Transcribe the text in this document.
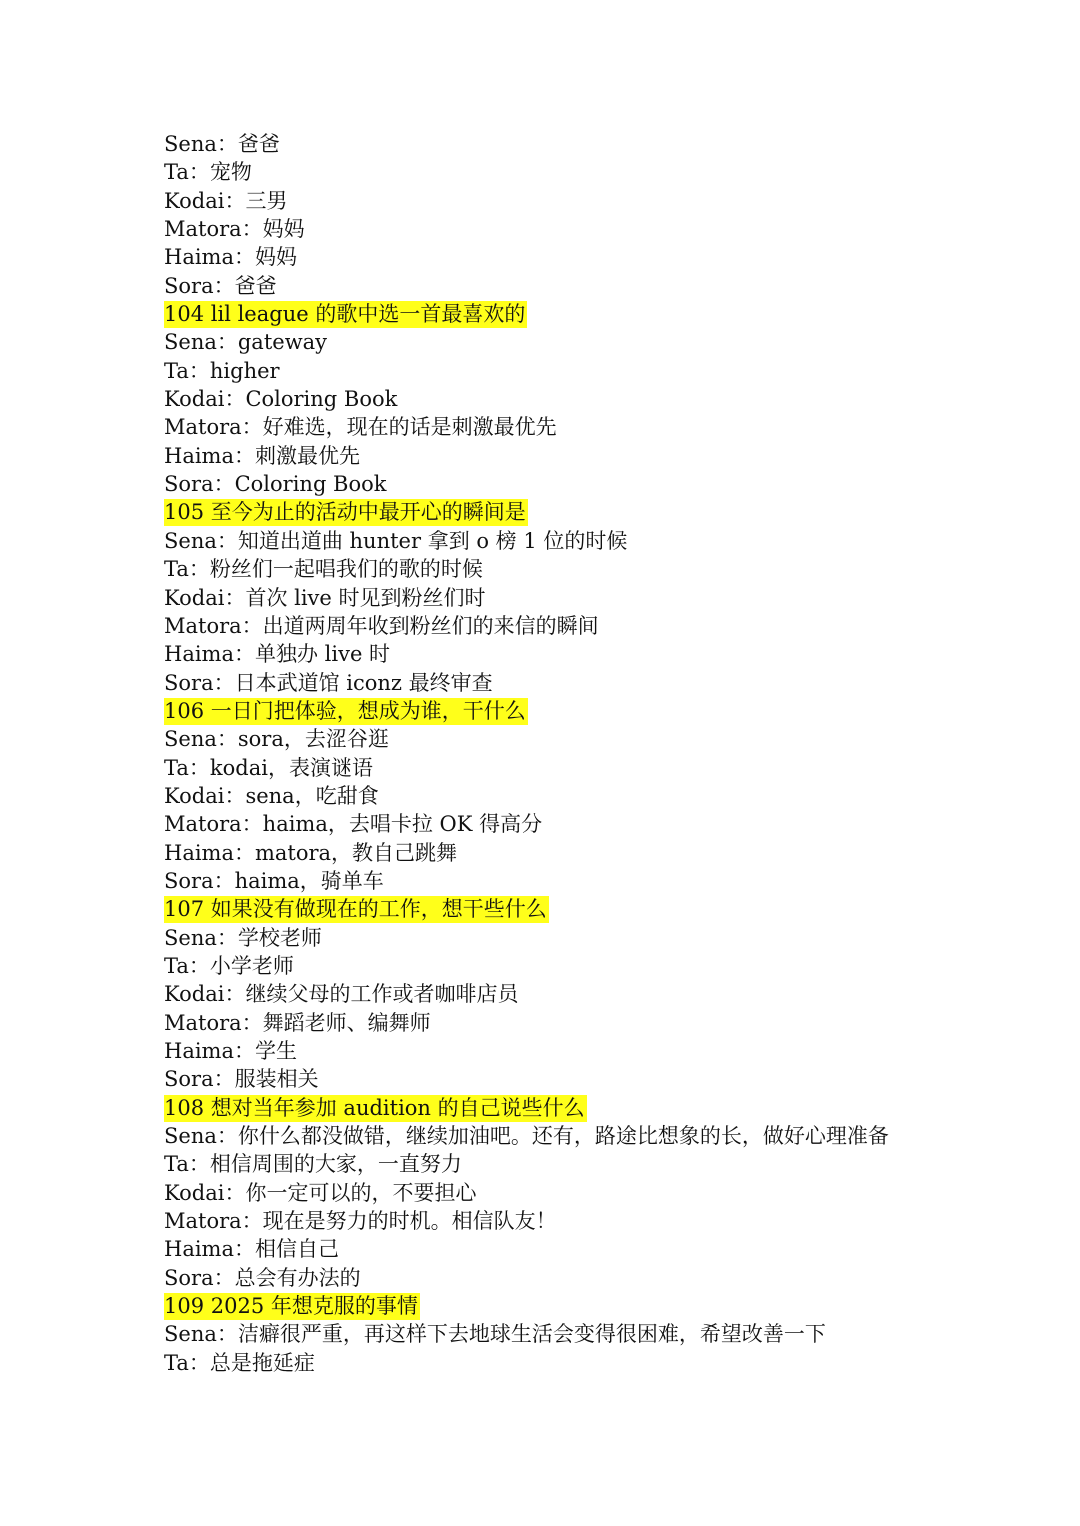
Sena：爸爸
Ta：宠物
Kodai：三男
Matora：妈妈
Haima：妈妈
Sora：爸爸
104 lil league 的歌中选一首最喜欢的
Sena：gateway
Ta：higher
Kodai：Coloring Book
Matora：好难选，现在的话是刺激最优先
Haima：刺激最优先
Sora：Coloring Book
105 至今为止的活动中最开心的瞬间是
Sena：知道出道曲 hunter 拿到 o 榜 1 位的时候
Ta：粉丝们一起唱我们的歌的时候
Kodai：首次 live 时见到粉丝们时
Matora：出道两周年收到粉丝们的来信的瞬间
Haima：单独办 live 时
Sora：日本武道馆 iconz 最终审查
106 一日门把体验，想成为谁，干什么
Sena：sora，去涩谷逛
Ta：kodai，表演谜语
Kodai：sena，吃甜食
Matora：haima，去唱卡拉 OK 得高分
Haima：matora，教自己跳舞
Sora：haima，骑单车
107 如果没有做现在的工作，想干些什么
Sena：学校老师
Ta：小学老师
Kodai：继续父母的工作或者咖啡店员
Matora：舞蹈老师、编舞师
Haima：学生
Sora：服装相关
108 想对当年参加 audition 的自己说些什么
Sena：你什么都没做错，继续加油吧。还有，路途比想象的长，做好心理准备
Ta：相信周围的大家，一直努力
Kodai：你一定可以的，不要担心
Matora：现在是努力的时机。相信队友！
Haima：相信自己
Sora：总会有办法的
109 2025 年想克服的事情
Sena：洁癖很严重，再这样下去地球生活会变得很困难，希望改善一下
Ta：总是拖延症
